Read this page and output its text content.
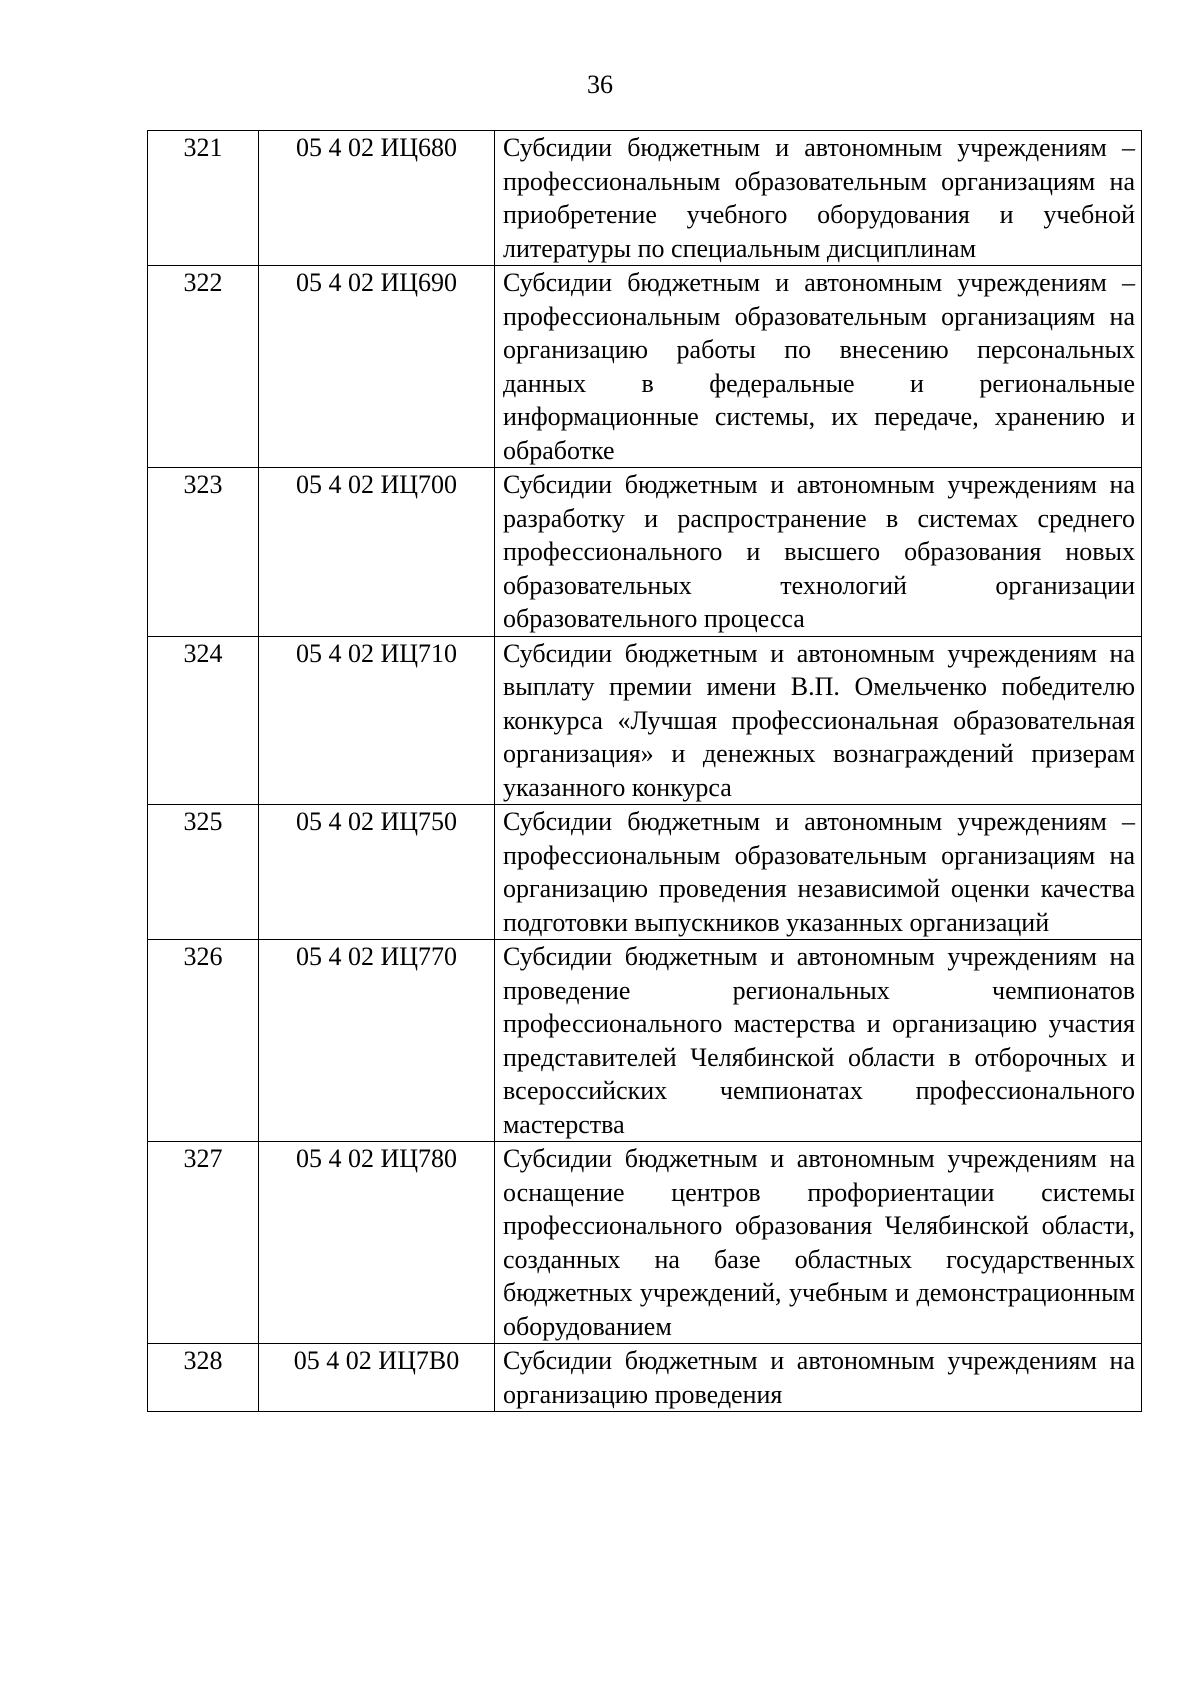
36
321	05 4 02 ИЦ680	Субсидии бюджетным и автономным учреждениям – профессиональным образовательным организациям на приобретение учебного оборудования и учебной литературы по специальным дисциплинам
322	05 4 02 ИЦ690	Субсидии бюджетным и автономным учреждениям – профессиональным образовательным организациям на организацию работы по внесению персональных данных в федеральные и региональные информационные системы, их передаче, хранению и обработке
323	05 4 02 ИЦ700	Субсидии бюджетным и автономным учреждениям на разработку и распространение в системах среднего профессионального и высшего образования новых образовательных технологий организации образовательного процесса
324	05 4 02 ИЦ710	Субсидии бюджетным и автономным учреждениям на выплату премии имени В.П. Омельченко победителю конкурса «Лучшая профессиональная образовательная организация» и денежных вознаграждений призерам указанного конкурса
325	05 4 02 ИЦ750	Субсидии бюджетным и автономным учреждениям – профессиональным образовательным организациям на организацию проведения независимой оценки качества подготовки выпускников указанных организаций
326	05 4 02 ИЦ770	Субсидии бюджетным и автономным учреждениям на проведение региональных чемпионатов профессионального мастерства и организацию участия представителей Челябинской области в отборочных и всероссийских чемпионатах профессионального мастерства
327	05 4 02 ИЦ780	Субсидии бюджетным и автономным учреждениям на оснащение центров профориентации системы профессионального образования Челябинской области, созданных на базе областных государственных бюджетных учреждений, учебным и демонстрационным оборудованием
328	05 4 02 ИЦ7В0	Субсидии бюджетным и автономным учреждениям на организацию проведения
